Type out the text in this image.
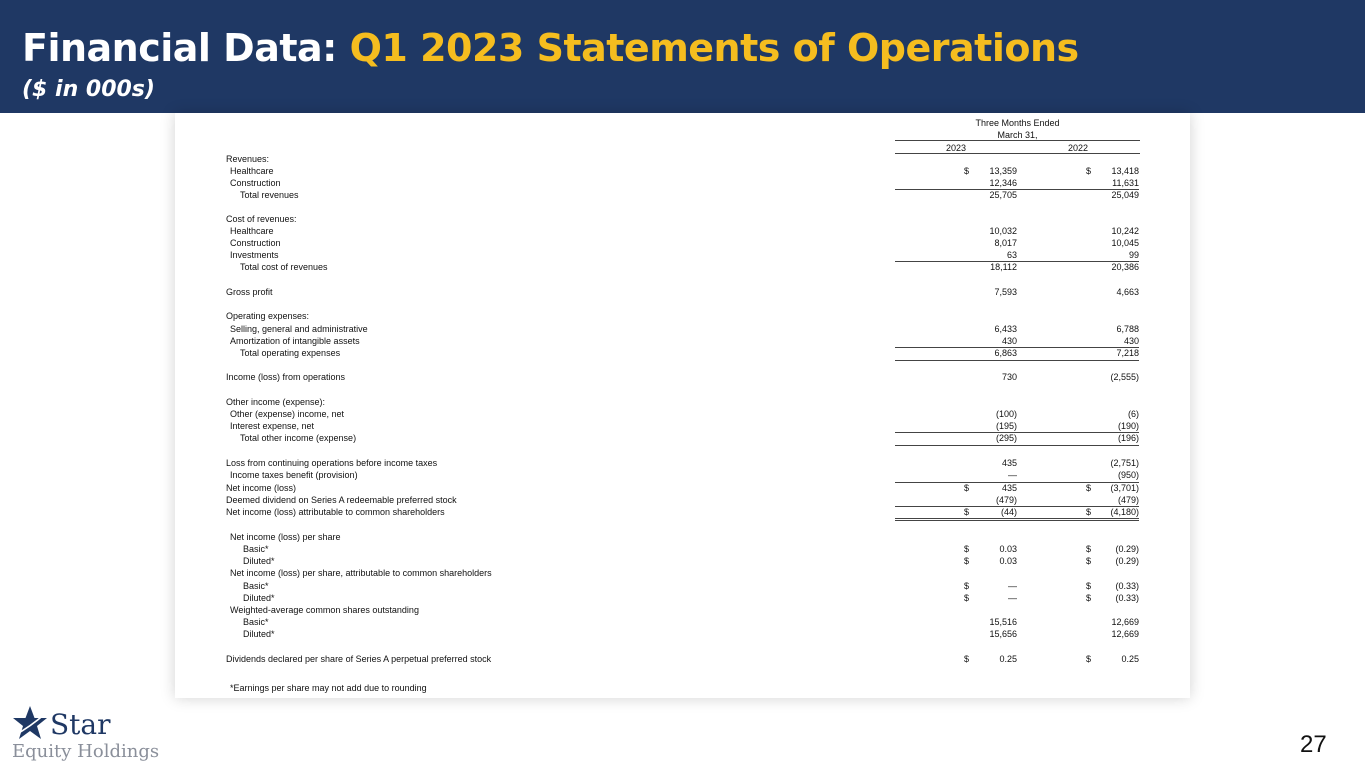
Financial Data: Q1 2023 Statements of Operations
($ in 000s)
Three Months Ended
March 31,
2023	2022
*Earnings per share may not add due to rounding
Revenues:
Healthcare	$	13,359	$	13,418
Construction	12,346	11,631
Total revenues	25,705	25,049
Cost of revenues:
Healthcare	10,032	10,242
Construction	8,017	10,045
Investments	63	99
Total cost of revenues	18,112	20,386
Gross profit	7,593	4,663
Operating expenses:
Selling, general and administrative	6,433	6,788
Amortization of intangible assets	430	430
Total operating expenses	6,863	7,218
Income (loss) from operations	730	(2,555)
Other income (expense):
Other (expense) income, net	(100)	(6)
Interest expense, net	(195)	(190)
Total other income (expense)	(295)	(196)
Loss from continuing operations before income taxes	435	(2,751)
Income taxes benefit (provision)	—	(950)
Net income (loss)	$	435	$	(3,701)
Deemed dividend on Series A redeemable preferred stock	(479)	(479)
Net income (loss) attributable to common shareholders	$	(44)	$	(4,180)
Net income (loss) per share
Basic*	$	0.03	$	(0.29)
Diluted*	$	0.03	$	(0.29)
Net income (loss) per share, attributable to common shareholders
Basic*	$	—	$	(0.33)
Diluted*	$	—	$	(0.33)
Weighted-average common shares outstanding
Basic*	15,516	12,669
Diluted*	15,656	12,669
Dividends declared per share of Series A perpetual preferred stock	$	0.25	$	0.25
Star
Equity Holdings	27
